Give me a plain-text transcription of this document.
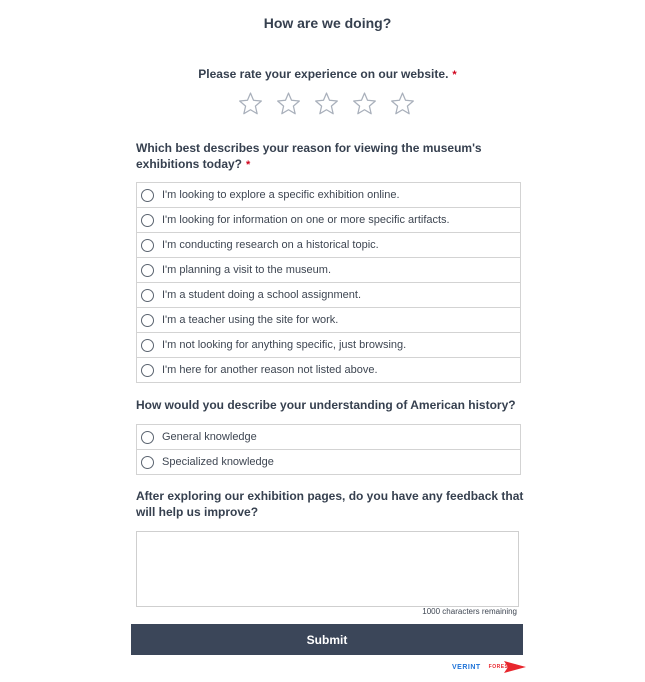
How are we doing?
Please rate your experience on our website. *
Which best describes your reason for viewing the museum's exhibitions today? *
I'm looking to explore a specific exhibition online.
I'm looking for information on one or more specific artifacts.
I'm conducting research on a historical topic.
I'm planning a visit to the museum.
I'm a student doing a school assignment.
I'm a teacher using the site for work.
I'm not looking for anything specific, just browsing.
I'm here for another reason not listed above.
How would you describe your understanding of American history?
General knowledge
Specialized knowledge
After exploring our exhibition pages, do you have any feedback that will help us improve?
1000 characters remaining
Submit
VERINT FORESEE
